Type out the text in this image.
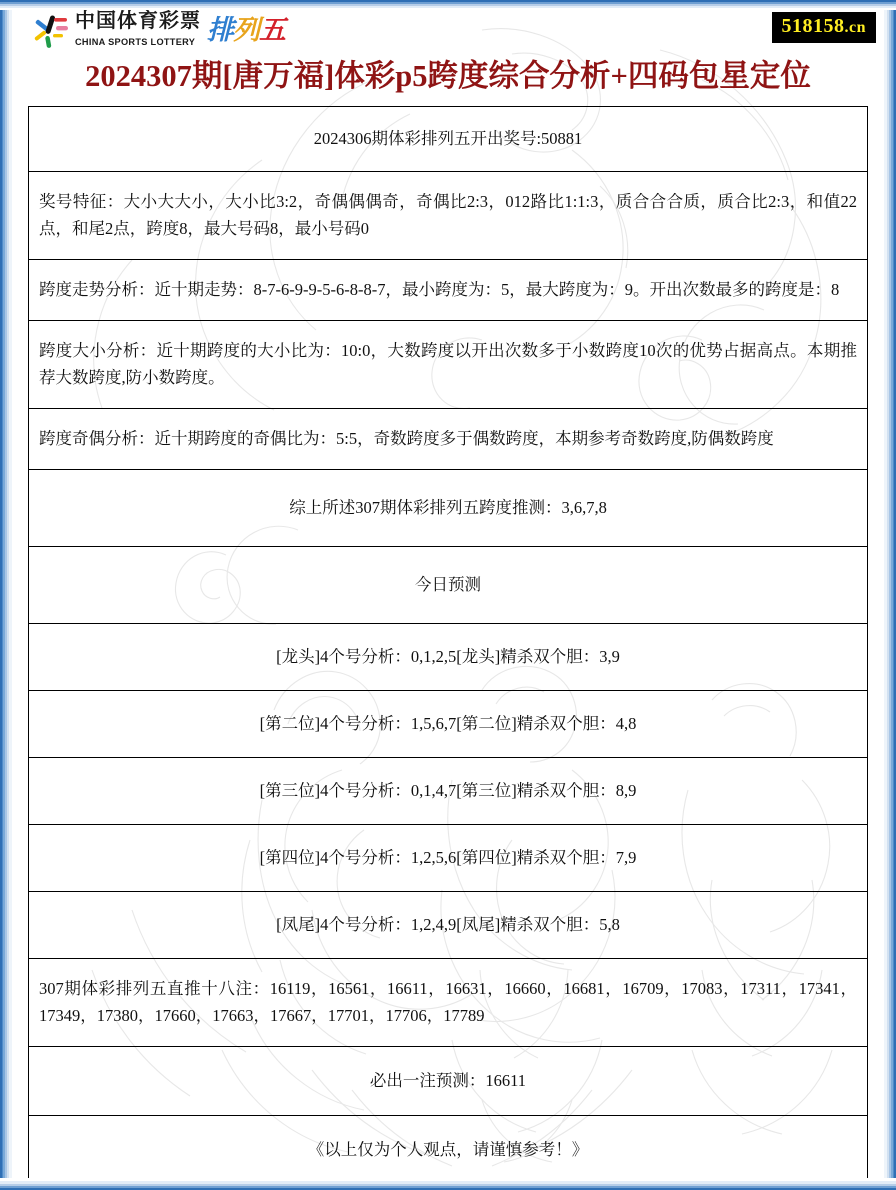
中国体育彩票
CHINA SPORTS LOTTERY 排列五	518158.cn
2024307期[唐万福]体彩p5跨度综合分析+四码包星定位
2024306期体彩排列五开出奖号:50881

奖号特征：大小大大小，大小比3:2，奇偶偶偶奇，奇偶比2:3，012路比1:1:3，质合合合质，质合比2:3，和值22点，和尾2点，跨度8，最大号码8，最小号码0

跨度走势分析：近十期走势：8-7-6-9-9-5-6-8-8-7，最小跨度为：5，最大跨度为：9。开出次数最多的跨度是：8

跨度大小分析：近十期跨度的大小比为：10:0，大数跨度以开出次数多于小数跨度10次的优势占据高点。本期推荐大数跨度,防小数跨度。

跨度奇偶分析：近十期跨度的奇偶比为：5:5，奇数跨度多于偶数跨度，本期参考奇数跨度,防偶数跨度

综上所述307期体彩排列五跨度推测：3,6,7,8

今日预测

[龙头]4个号分析：0,1,2,5[龙头]精杀双个胆：3,9

[第二位]4个号分析：1,5,6,7[第二位]精杀双个胆：4,8

[第三位]4个号分析：0,1,4,7[第三位]精杀双个胆：8,9

[第四位]4个号分析：1,2,5,6[第四位]精杀双个胆：7,9

[凤尾]4个号分析：1,2,4,9[凤尾]精杀双个胆：5,8

307期体彩排列五直推十八注：16119，16561，16611，16631，16660，16681，16709，17083，17311，17341，17349，17380，17660，17663，17667，17701，17706，17789

必出一注预测：16611

《以上仅为个人观点，请谨慎参考！》
